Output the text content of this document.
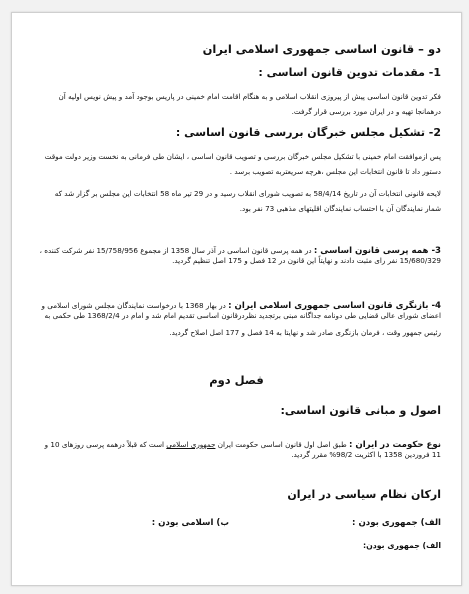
دو – قانون اساسی جمهوری اسلامی ایران
1- مقدمات تدوین قانون اساسی :
فکر تدوین قانون اساسی پیش از پیروزی انقلاب اسلامی و به هنگام اقامت امام خمینی در پاریس بوجود آمد و پیش نویس اولیه آن
درهمانجا تهیه و در ایران مورد بررسی قرار گرفت.
2- تشکیل مجلس خبرگان بررسی قانون اساسی :
پس ازموافقت امام خمینی با تشکیل مجلس خبرگان بررسی و تصویب قانون اساسی ، ایشان طی فرمانی به نخست وزیر دولت موقت
دستور داد تا قانون انتخابات این مجلس ،هرچه سریعتربه تصویب برسد .
لایحه قانونی انتخابات آن در تاریخ 58/4/14 به تصویب شورای انقلاب رسید و در 29 تیر ماه 58 انتخابات این مجلس بر گزار شد که
شمار نمایندگان آن با احتساب نمایندگان اقلیتهای مذهبی 73 نفر بود.
3- همه پرسی قانون اساسی : در همه پرسی قانون اساسی در آذر سال 1358 از مجموع 15/758/956 نفر شرکت کننده ،
15/680/329 نفر رای مثبت دادند و نهایتاً این قانون در 12 فصل و 175 اصل تنظیم گردید.
4- بازنگری قانون اساسی جمهوری اسلامی ایران : در بهار 1368 با درخواست نمایندگان مجلس شورای اسلامی و
اعضای شورای عالی قضایی طی دونامه جداگانه مبنی برتجدید نظردرقانون اساسی تقدیم امام شد و امام در 1368/2/4 طی حکمی به
رئیس جمهور وقت ، فرمان بازنگری صادر شد و نهایتا به 14 فصل و 177 اصل اصلاح گردید.
فصل دوم
اصول و مبانی قانون اساسی:
نوع حکومت در ایران : طبق اصل اول قانون اساسی حکومت ایران جمهوری اسلامی است که قبلاً درهمه پرسی روزهای 10 و
11 فروردین 1358 با اکثریت 98/2% مقرر گردید.
ارکان نظام سیاسی در ایران
الف) جمهوری بودن :
ب) اسلامی بودن :
الف) جمهوری بودن:
